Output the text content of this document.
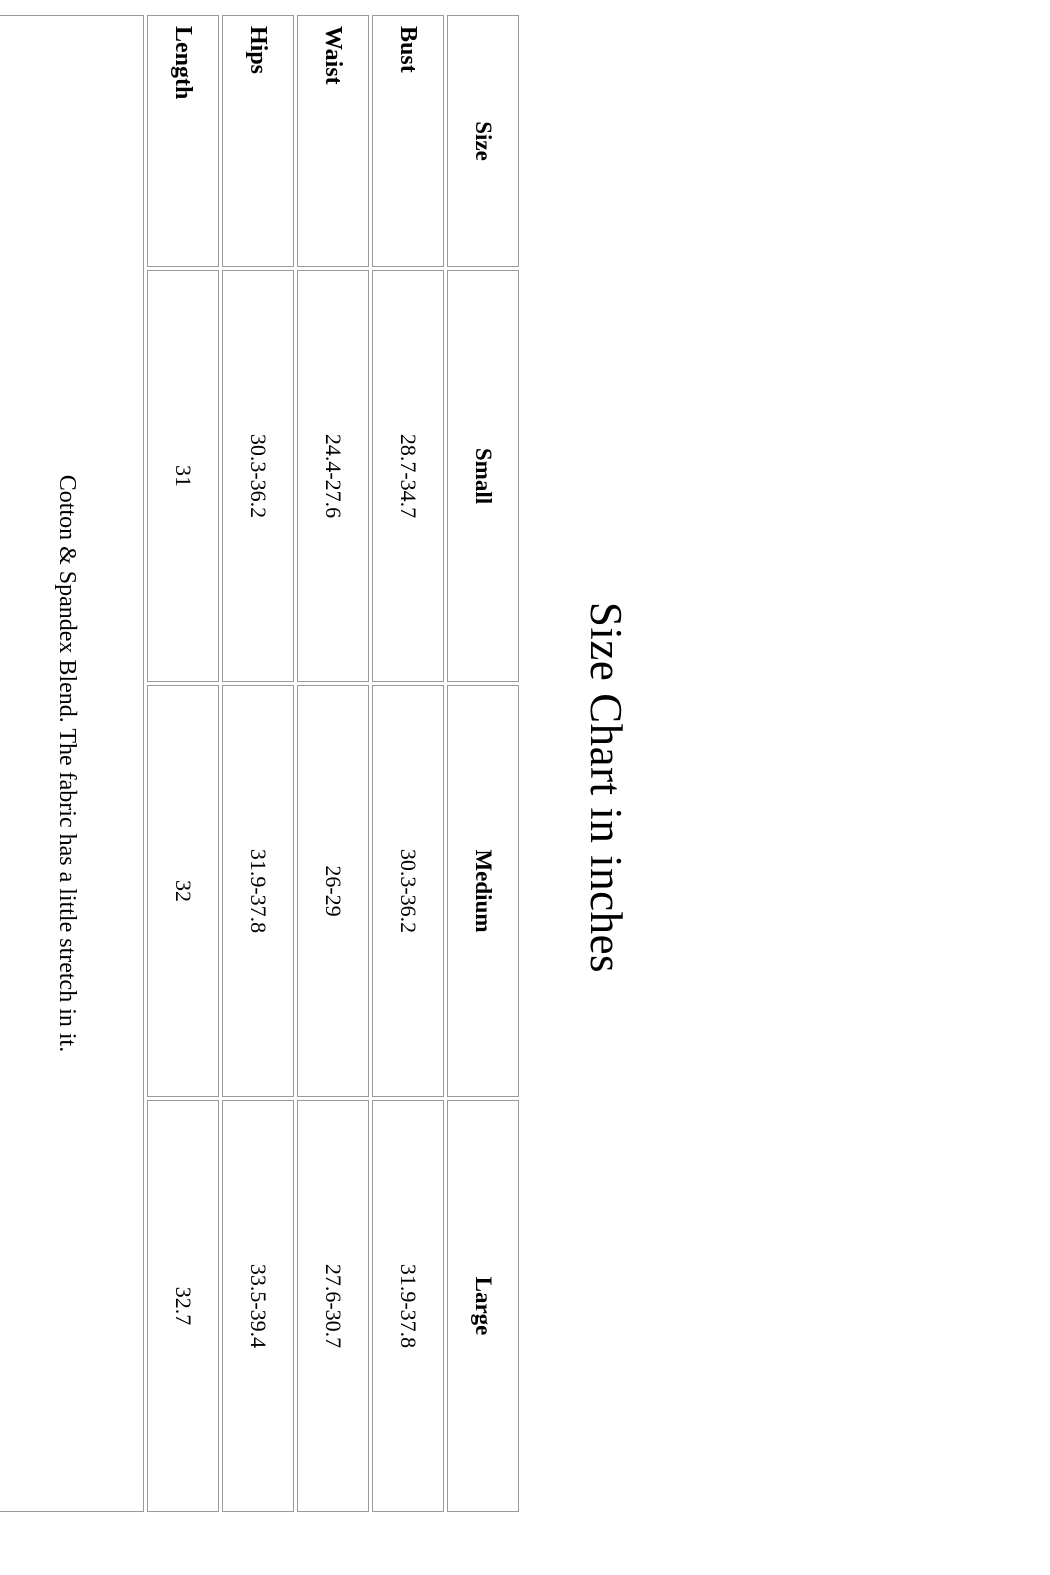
Size Chart in inches
Size	Small	Medium	Large
Bust	28.7-34.7	30.3-36.2	31.9-37.8
Waist	24.4-27.6	26-29	27.6-30.7
Hips	30.3-36.2	31.9-37.8	33.5-39.4
Length	31	32	32.7
Cotton & Spandex Blend. The fabric has a little stretch in it.			
